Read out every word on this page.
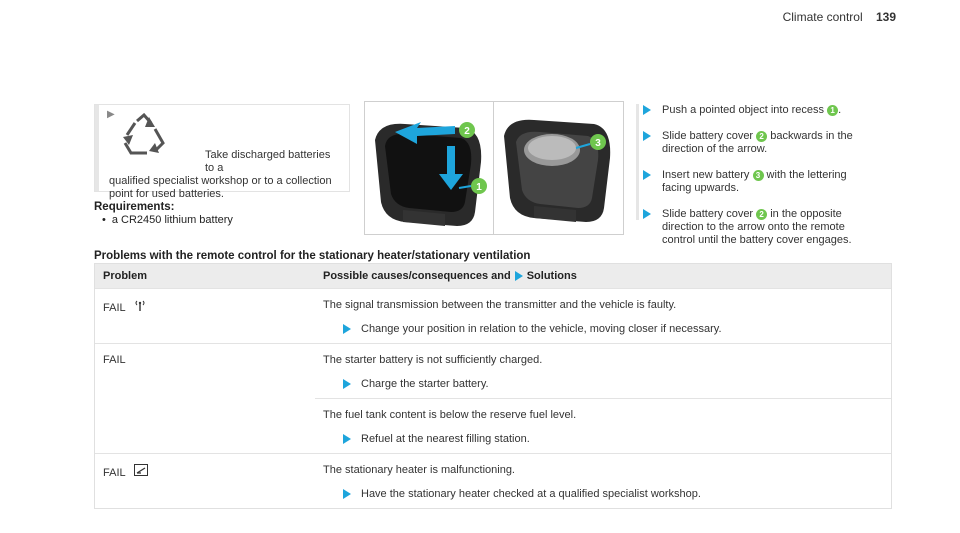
Climate control 139
▶
Take discharged batteries to a
qualified specialist workshop or to a collection point for used batteries.
Requirements:
• a CR2450 lithium battery
2
1
3
Push a pointed object into recess 1 .
Slide battery cover 2 backwards in the direction of the arrow.
Insert new battery 3 with the lettering facing upwards.
Slide battery cover 2 in the opposite direction to the arrow onto the remote control until the battery cover engages.
Problems with the remote control for the stationary heater/stationary ventilation
Problem	Possible causes/consequences and Solutions
FAIL	The signal transmission between the transmitter and the vehicle is faulty.
Change your position in relation to the vehicle, moving closer if necessary.
FAIL	The starter battery is not sufficiently charged.
Charge the starter battery.
The fuel tank content is below the reserve fuel level.
Refuel at the nearest filling station.
FAIL	The stationary heater is malfunctioning.
Have the stationary heater checked at a qualified specialist workshop.
